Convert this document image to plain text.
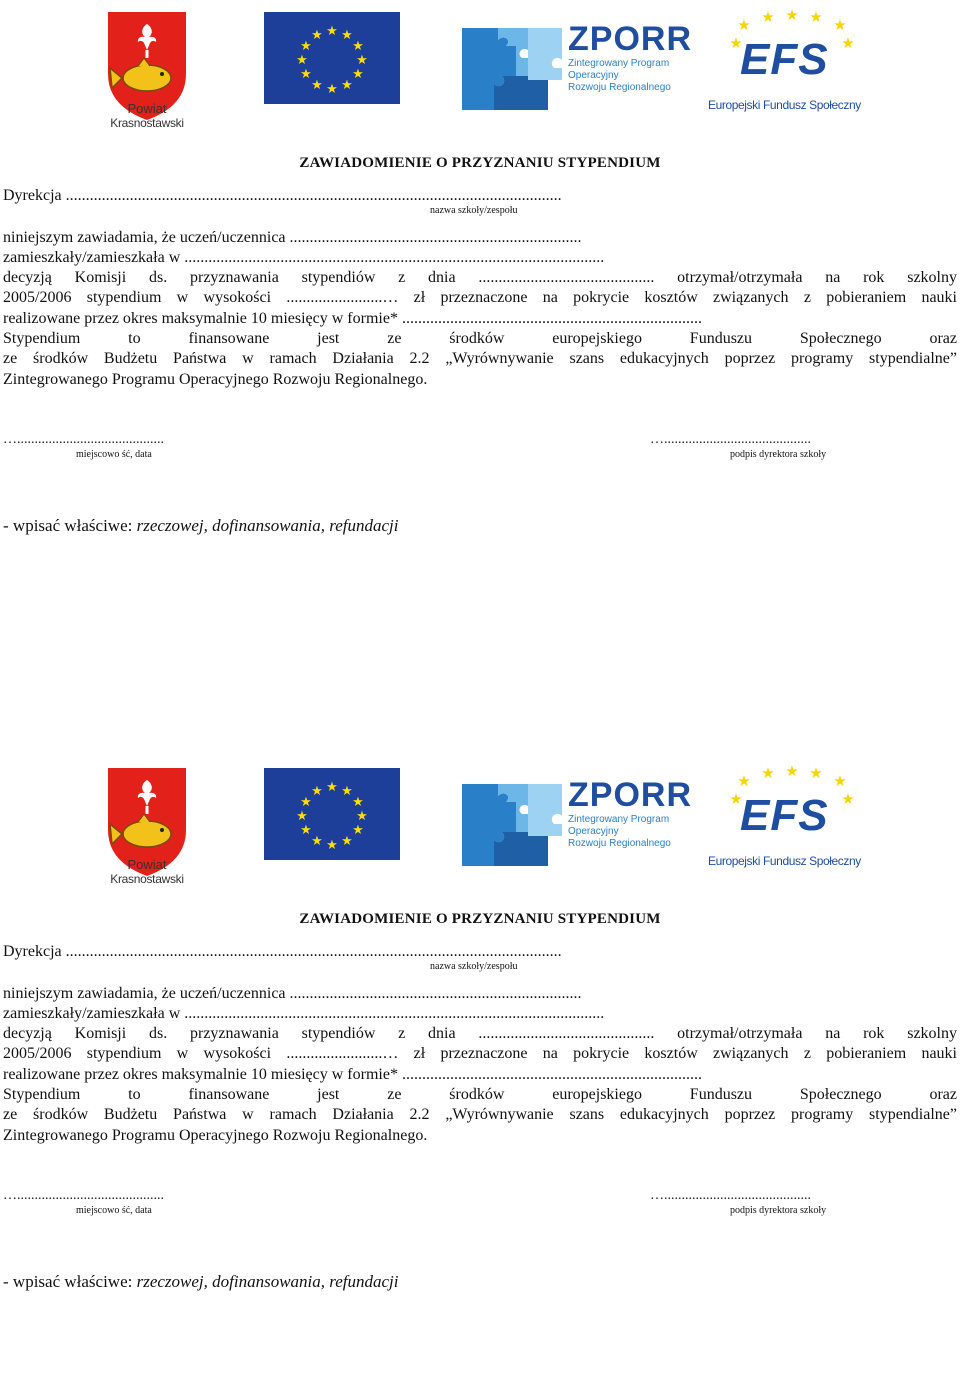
Powiat
Krasnostawski
★ ★
★
★
★
★
★
★
★
★
★
★	ZPORR
Zintegrowany Program
Operacyjny
Rozwoju Regionalnego
★ ★ ★ ★ ★
★	★
EFS
Europejski Fundusz Społeczny
ZAWIADOMIENIE O PRZYZNANIU STYPENDIUM
Dyrekcja ............................................................................................................................
nazwa szkoły/zespołu
niniejszym zawiadamia, że uczeń/uczennica .........................................................................
zamieszkały/zamieszkała w .........................................................................................................
decyzją Komisji ds. przyznawania stypendiów z dnia ............................................ otrzymał/otrzymała na rok szkolny
2005/2006 stypendium w wysokości ........................… zł przeznaczone na pokrycie kosztów związanych z pobieraniem nauki
realizowane przez okres maksymalnie 10 miesięcy w formie* ...........................................................................
Stypendium to finansowane jest ze środków europejskiego Funduszu Społecznego oraz
ze środków Budżetu Państwa w ramach Działania 2.2 „Wyrównywanie szans edukacyjnych poprzez programy stypendialne”
Zintegrowanego Programu Operacyjnego Rozwoju Regionalnego.
…..........................................
miejscowo ść, data
…..........................................
podpis dyrektora szkoły
- wpisać właściwe: rzeczowej, dofinansowania, refundacji
Powiat
Krasnostawski
★ ★
★
★
★
★
★
★
★
★
★
★	ZPORR
Zintegrowany Program
Operacyjny
Rozwoju Regionalnego
★ ★ ★ ★ ★
★	★
EFS
Europejski Fundusz Społeczny
ZAWIADOMIENIE O PRZYZNANIU STYPENDIUM
Dyrekcja ............................................................................................................................
nazwa szkoły/zespołu
niniejszym zawiadamia, że uczeń/uczennica .........................................................................
zamieszkały/zamieszkała w .........................................................................................................
decyzją Komisji ds. przyznawania stypendiów z dnia ............................................ otrzymał/otrzymała na rok szkolny
2005/2006 stypendium w wysokości ........................… zł przeznaczone na pokrycie kosztów związanych z pobieraniem nauki
realizowane przez okres maksymalnie 10 miesięcy w formie* ...........................................................................
Stypendium to finansowane jest ze środków europejskiego Funduszu Społecznego oraz
ze środków Budżetu Państwa w ramach Działania 2.2 „Wyrównywanie szans edukacyjnych poprzez programy stypendialne”
Zintegrowanego Programu Operacyjnego Rozwoju Regionalnego.
…..........................................
miejscowo ść, data
…..........................................
podpis dyrektora szkoły
- wpisać właściwe: rzeczowej, dofinansowania, refundacji
